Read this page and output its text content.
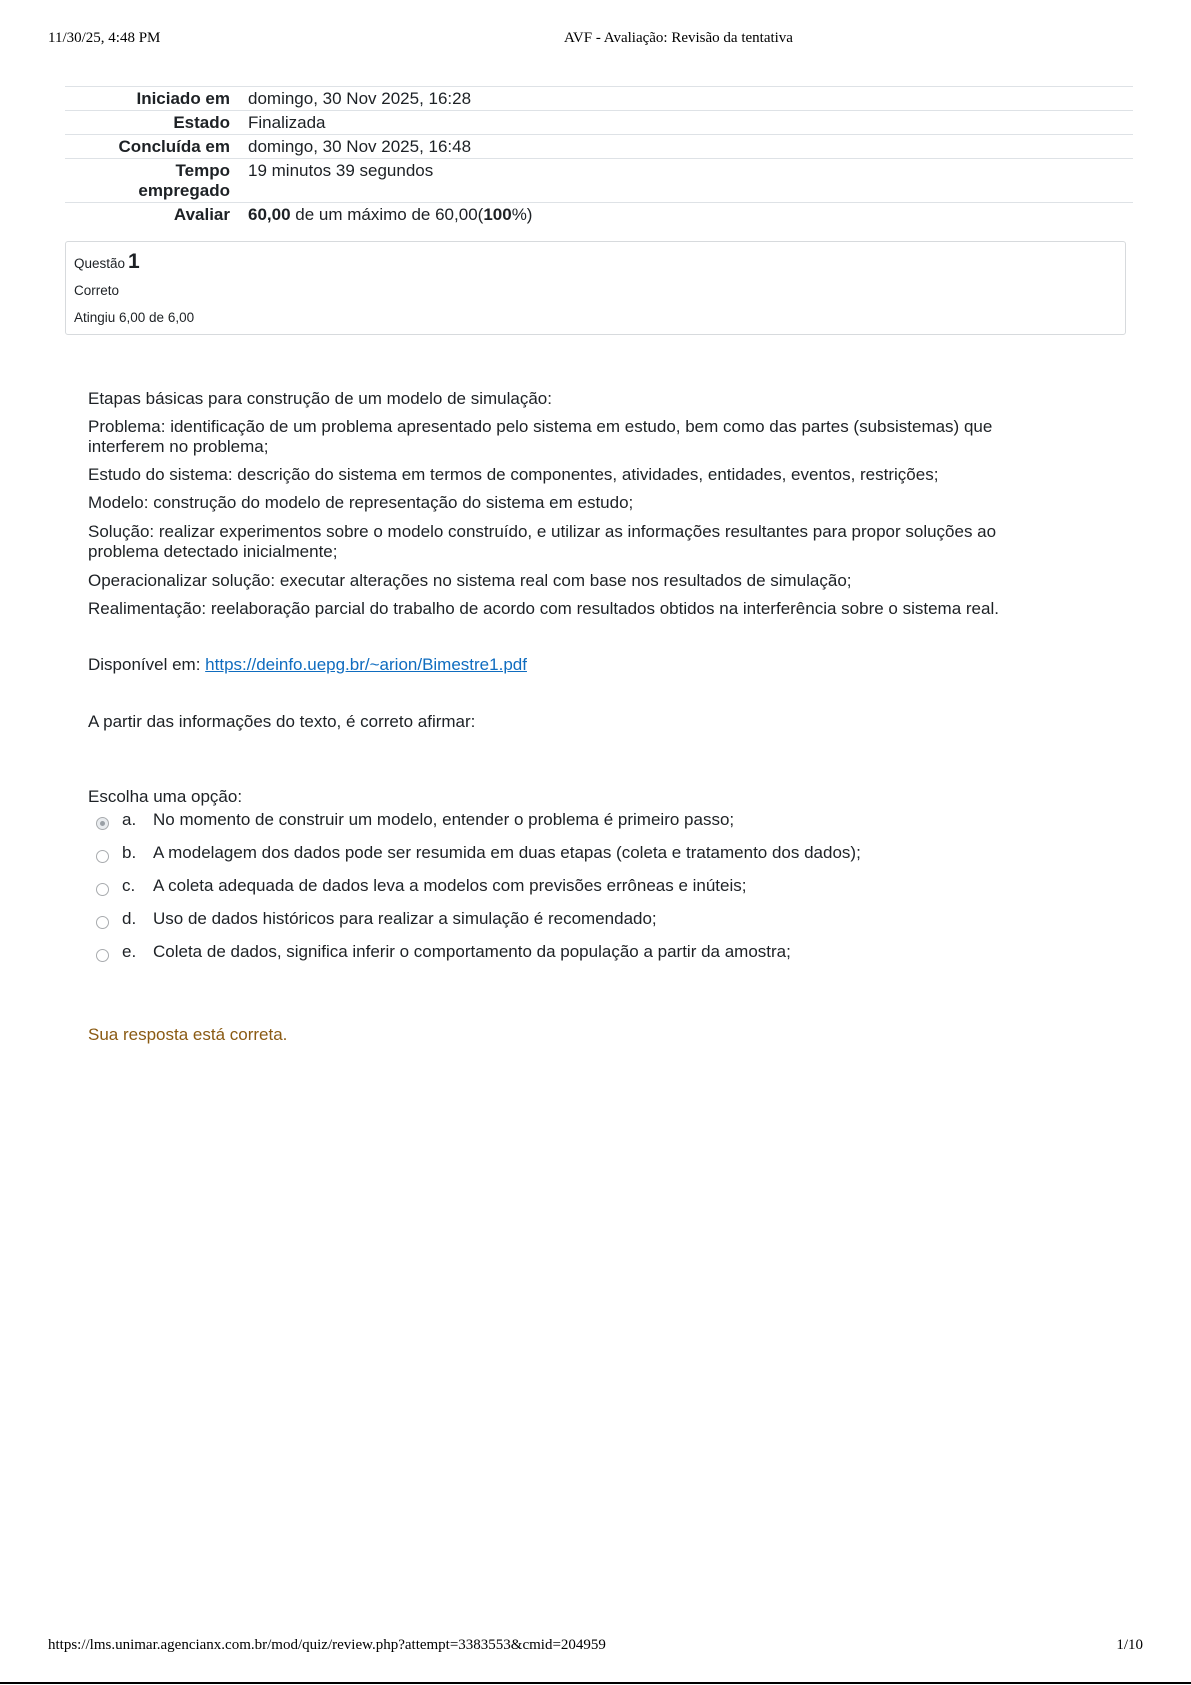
11/30/25, 4:48 PM	AVF - Avaliação: Revisão da tentativa
Iniciado em	domingo, 30 Nov 2025, 16:28
Estado	Finalizada
Concluída em	domingo, 30 Nov 2025, 16:48
Tempo
empregado	19 minutos 39 segundos
Avaliar	60,00 de um máximo de 60,00(100%)
Questão 1
Correto
Atingiu 6,00 de 6,00
Etapas básicas para construção de um modelo de simulação:
Problema: identificação de um problema apresentado pelo sistema em estudo, bem como das partes (subsistemas) que interferem no problema;
Estudo do sistema: descrição do sistema em termos de componentes, atividades, entidades, eventos, restrições;
Modelo: construção do modelo de representação do sistema em estudo;
Solução: realizar experimentos sobre o modelo construído, e utilizar as informações resultantes para propor soluções ao problema detectado inicialmente;
Operacionalizar solução: executar alterações no sistema real com base nos resultados de simulação;
Realimentação: reelaboração parcial do trabalho de acordo com resultados obtidos na interferência sobre o sistema real.
Disponível em: https://deinfo.uepg.br/~arion/Bimestre1.pdf
A partir das informações do texto, é correto afirmar:
Escolha uma opção:
a. No momento de construir um modelo, entender o problema é primeiro passo;
b. A modelagem dos dados pode ser resumida em duas etapas (coleta e tratamento dos dados);
c. A coleta adequada de dados leva a modelos com previsões errôneas e inúteis;
d. Uso de dados históricos para realizar a simulação é recomendado;
e. Coleta de dados, significa inferir o comportamento da população a partir da amostra;
Sua resposta está correta.
https://lms.unimar.agencianx.com.br/mod/quiz/review.php?attempt=3383553&cmid=204959	1/10
